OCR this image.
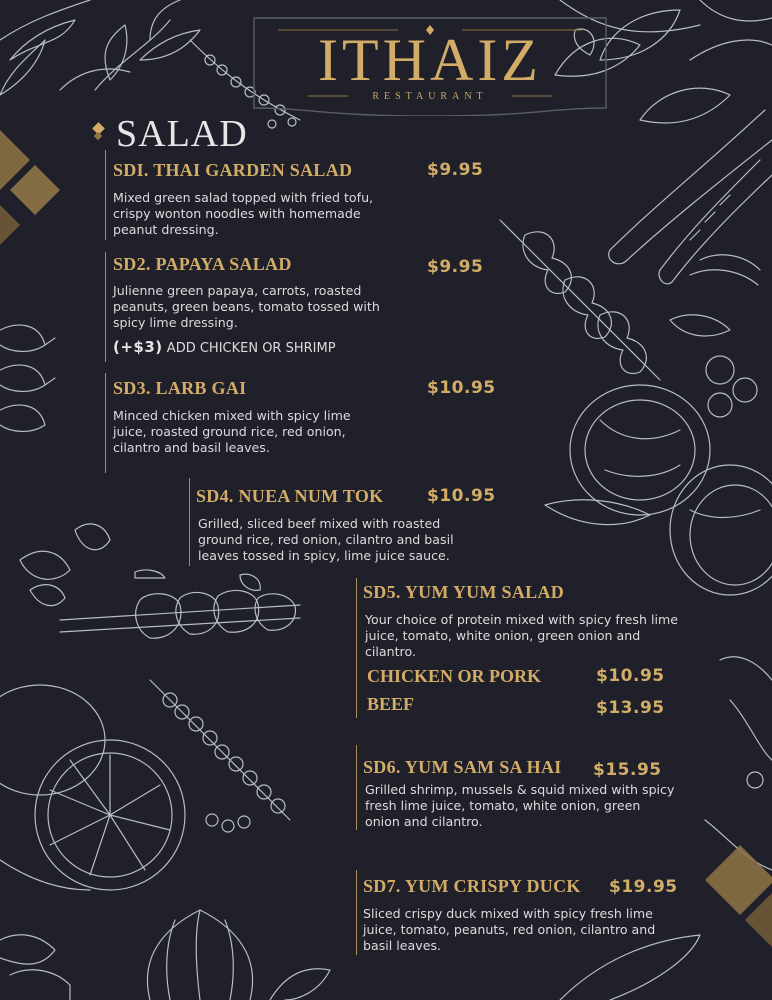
ITHAIZ
RESTAURANT
SALAD
SDI. THAI GARDEN SALAD	$9.95
Mixed green salad topped with fried tofu, crispy wonton noodles with homemade peanut dressing.
SD2. PAPAYA SALAD	$9.95
Julienne green papaya, carrots, roasted peanuts, green beans, tomato tossed with spicy lime dressing.
(+$3) ADD CHICKEN OR SHRIMP
SD3. LARB GAI	$10.95
Minced chicken mixed with spicy lime juice, roasted ground rice, red onion, cilantro and basil leaves.
SD4. NUEA NUM TOK	$10.95
Grilled, sliced beef mixed with roasted ground rice, red onion, cilantro and basil leaves tossed in spicy, lime juice sauce.
SD5. YUM YUM SALAD
Your choice of protein mixed with spicy fresh lime juice, tomato, white onion, green onion and cilantro.
CHICKEN OR PORK	$10.95
BEEF	$13.95
SD6. YUM SAM SA HAI $15.95
Grilled shrimp, mussels & squid mixed with spicy fresh lime juice, tomato, white onion, green onion and cilantro.
SD7. YUM CRISPY DUCK $19.95
Sliced crispy duck mixed with spicy fresh lime juice, tomato, peanuts, red onion, cilantro and basil leaves.
